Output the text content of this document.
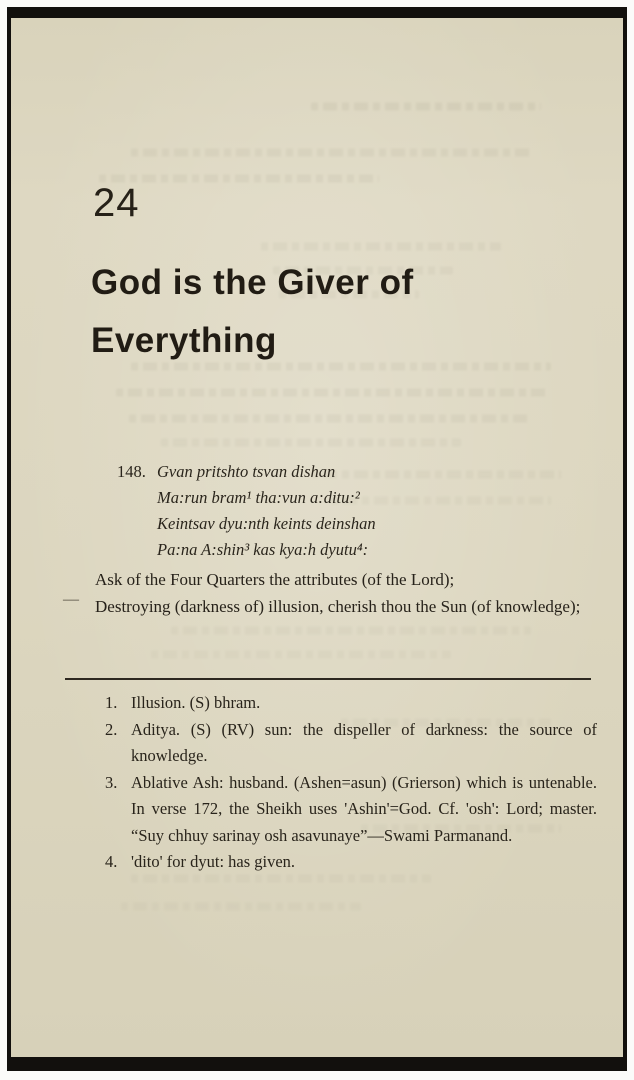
24
God is the Giver of Everything
148. Gvan pritshto tsvan dishan
Ma:run bram¹ tha:vun a:ditu:²
Keintsav dyu:nth keints deinshan
Pa:na A:shin³ kas kya:h dyutu⁴:
—

Ask of the Four Quarters the attributes (of the Lord);

Destroying (darkness of) illusion, cherish thou the Sun (of knowledge);

1. Illusion. (S) bhram.
2. Aditya. (S) (RV) sun: the dispeller of darkness: the source of knowledge.
3. Ablative Ash: husband. (Ashen=asun) (Grierson) which is untenable. In verse 172, the Sheikh uses 'Ashin'=God. Cf. 'osh': Lord; master. “Suy chhuy sarinay osh asavunaye”—Swami Parmanand.
4. 'dito' for dyut: has given.
